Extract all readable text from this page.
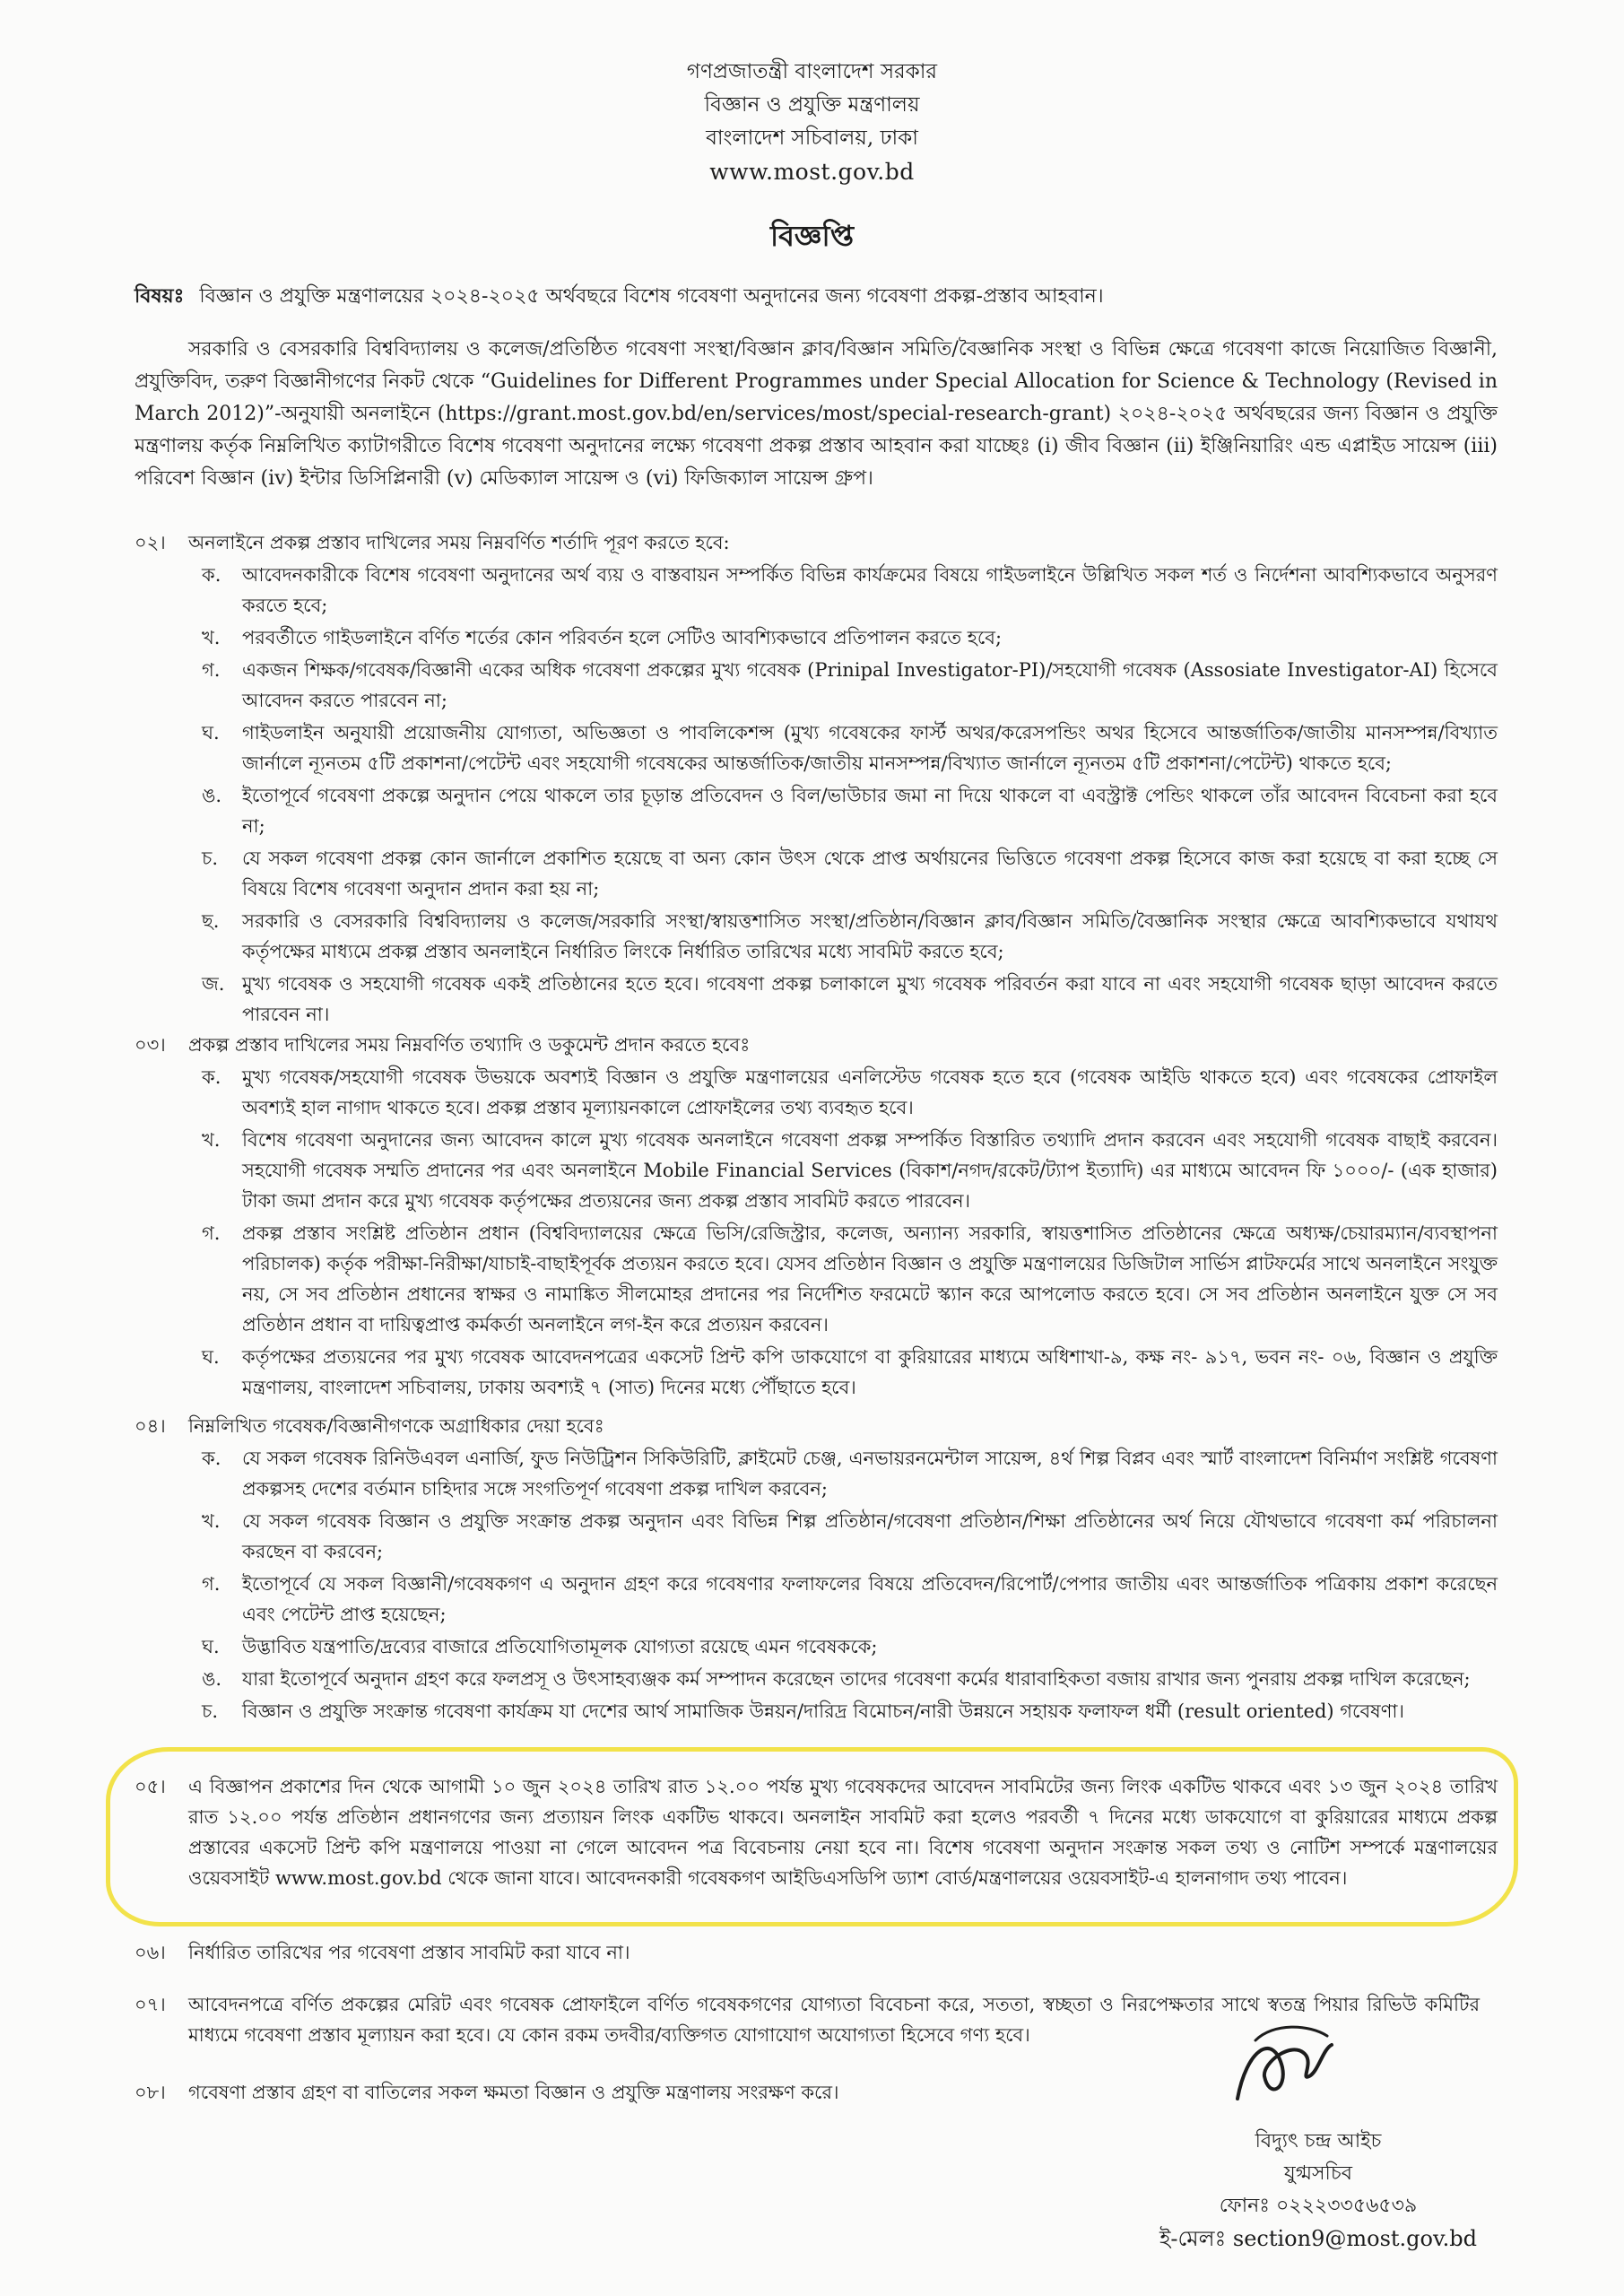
গণপ্রজাতন্ত্রী বাংলাদেশ সরকার
বিজ্ঞান ও প্রযুক্তি মন্ত্রণালয়
বাংলাদেশ সচিবালয়, ঢাকা
www.most.gov.bd
বিজ্ঞপ্তি
বিষয়ঃ বিজ্ঞান ও প্রযুক্তি মন্ত্রণালয়ের ২০২৪-২০২৫ অর্থবছরে বিশেষ গবেষণা অনুদানের জন্য গবেষণা প্রকল্প-প্রস্তাব আহবান।
সরকারি ও বেসরকারি বিশ্ববিদ্যালয় ও কলেজ/প্রতিষ্ঠিত গবেষণা সংস্থা/বিজ্ঞান ক্লাব/বিজ্ঞান সমিতি/বৈজ্ঞানিক সংস্থা ও বিভিন্ন ক্ষেত্রে গবেষণা কাজে নিয়োজিত বিজ্ঞানী, প্রযুক্তিবিদ, তরুণ বিজ্ঞানীগণের নিকট থেকে “Guidelines for Different Programmes under Special Allocation for Science & Technology (Revised in March 2012)”-অনুযায়ী অনলাইনে (https://grant.most.gov.bd/en/services/most/special-research-grant) ২০২৪-২০২৫ অর্থবছরের জন্য বিজ্ঞান ও প্রযুক্তি মন্ত্রণালয় কর্তৃক নিম্নলিখিত ক্যাটাগরীতে বিশেষ গবেষণা অনুদানের লক্ষ্যে গবেষণা প্রকল্প প্রস্তাব আহবান করা যাচ্ছেঃ (i) জীব বিজ্ঞান (ii) ইঞ্জিনিয়ারিং এন্ড এপ্লাইড সায়েন্স (iii) পরিবেশ বিজ্ঞান (iv) ইন্টার ডিসিপ্লিনারী (v) মেডিক্যাল সায়েন্স ও (vi) ফিজিক্যাল সায়েন্স গ্রুপ।
০২।	অনলাইনে প্রকল্প প্রস্তাব দাখিলের সময় নিম্নবর্ণিত শর্তাদি পূরণ করতে হবে:
ক.	আবেদনকারীকে বিশেষ গবেষণা অনুদানের অর্থ ব্যয় ও বাস্তবায়ন সম্পর্কিত বিভিন্ন কার্যক্রমের বিষয়ে গাইডলাইনে উল্লিখিত সকল শর্ত ও নির্দেশনা আবশ্যিকভাবে অনুসরণ করতে হবে;
খ.	পরবর্তীতে গাইডলাইনে বর্ণিত শর্তের কোন পরিবর্তন হলে সেটিও আবশ্যিকভাবে প্রতিপালন করতে হবে;
গ.	একজন শিক্ষক/গবেষক/বিজ্ঞানী একের অধিক গবেষণা প্রকল্পের মুখ্য গবেষক (Prinipal Investigator-PI)/সহযোগী গবেষক (Assosiate Investigator-AI) হিসেবে আবেদন করতে পারবেন না;
ঘ.	গাইডলাইন অনুযায়ী প্রয়োজনীয় যোগ্যতা, অভিজ্ঞতা ও পাবলিকেশন্স (মুখ্য গবেষকের ফার্স্ট অথর/করেসপন্ডিং অথর হিসেবে আন্তর্জাতিক/জাতীয় মানসম্পন্ন/বিখ্যাত জার্নালে ন্যূনতম ৫টি প্রকাশনা/পেটেন্ট এবং সহযোগী গবেষকের আন্তর্জাতিক/জাতীয় মানসম্পন্ন/বিখ্যাত জার্নালে ন্যূনতম ৫টি প্রকাশনা/পেটেন্ট) থাকতে হবে;
ঙ.	ইতোপূর্বে গবেষণা প্রকল্পে অনুদান পেয়ে থাকলে তার চূড়ান্ত প্রতিবেদন ও বিল/ভাউচার জমা না দিয়ে থাকলে বা এবস্ট্রাক্ট পেন্ডিং থাকলে তাঁর আবেদন বিবেচনা করা হবে না;
চ.	যে সকল গবেষণা প্রকল্প কোন জার্নালে প্রকাশিত হয়েছে বা অন্য কোন উৎস থেকে প্রাপ্ত অর্থায়নের ভিত্তিতে গবেষণা প্রকল্প হিসেবে কাজ করা হয়েছে বা করা হচ্ছে সে বিষয়ে বিশেষ গবেষণা অনুদান প্রদান করা হয় না;
ছ.	সরকারি ও বেসরকারি বিশ্ববিদ্যালয় ও কলেজ/সরকারি সংস্থা/স্বায়ত্তশাসিত সংস্থা/প্রতিষ্ঠান/বিজ্ঞান ক্লাব/বিজ্ঞান সমিতি/বৈজ্ঞানিক সংস্থার ক্ষেত্রে আবশ্যিকভাবে যথাযথ কর্তৃপক্ষের মাধ্যমে প্রকল্প প্রস্তাব অনলাইনে নির্ধারিত লিংকে নির্ধারিত তারিখের মধ্যে সাবমিট করতে হবে;
জ. মুখ্য গবেষক ও সহযোগী গবেষক একই প্রতিষ্ঠানের হতে হবে। গবেষণা প্রকল্প চলাকালে মুখ্য গবেষক পরিবর্তন করা যাবে না এবং সহযোগী গবেষক ছাড়া আবেদন করতে পারবেন না।
০৩।	প্রকল্প প্রস্তাব দাখিলের সময় নিম্নবর্ণিত তথ্যাদি ও ডকুমেন্ট প্রদান করতে হবেঃ
ক.	মুখ্য গবেষক/সহযোগী গবেষক উভয়কে অবশ্যই বিজ্ঞান ও প্রযুক্তি মন্ত্রণালয়ের এনলিস্টেড গবেষক হতে হবে (গবেষক আইডি থাকতে হবে) এবং গবেষকের প্রোফাইল অবশ্যই হাল নাগাদ থাকতে হবে। প্রকল্প প্রস্তাব মূল্যায়নকালে প্রোফাইলের তথ্য ব্যবহৃত হবে।
খ.	বিশেষ গবেষণা অনুদানের জন্য আবেদন কালে মুখ্য গবেষক অনলাইনে গবেষণা প্রকল্প সম্পর্কিত বিস্তারিত তথ্যাদি প্রদান করবেন এবং সহযোগী গবেষক বাছাই করবেন। সহযোগী গবেষক সম্মতি প্রদানের পর এবং অনলাইনে Mobile Financial Services (বিকাশ/নগদ/রকেট/ট্যাপ ইত্যাদি) এর মাধ্যমে আবেদন ফি ১০০০/- (এক হাজার) টাকা জমা প্রদান করে মুখ্য গবেষক কর্তৃপক্ষের প্রত্যয়নের জন্য প্রকল্প প্রস্তাব সাবমিট করতে পারবেন।
গ.	প্রকল্প প্রস্তাব সংশ্লিষ্ট প্রতিষ্ঠান প্রধান (বিশ্ববিদ্যালয়ের ক্ষেত্রে ভিসি/রেজিস্ট্রার, কলেজ, অন্যান্য সরকারি, স্বায়ত্তশাসিত প্রতিষ্ঠানের ক্ষেত্রে অধ্যক্ষ/চেয়ারম্যান/ব্যবস্থাপনা পরিচালক) কর্তৃক পরীক্ষা-নিরীক্ষা/যাচাই-বাছাইপূর্বক প্রত্যয়ন করতে হবে। যেসব প্রতিষ্ঠান বিজ্ঞান ও প্রযুক্তি মন্ত্রণালয়ের ডিজিটাল সার্ভিস প্লাটফর্মের সাথে অনলাইনে সংযুক্ত নয়, সে সব প্রতিষ্ঠান প্রধানের স্বাক্ষর ও নামাঙ্কিত সীলমোহর প্রদানের পর নির্দেশিত ফরমেটে স্ক্যান করে আপলোড করতে হবে। সে সব প্রতিষ্ঠান অনলাইনে যুক্ত সে সব প্রতিষ্ঠান প্রধান বা দায়িত্বপ্রাপ্ত কর্মকর্তা অনলাইনে লগ-ইন করে প্রত্যয়ন করবেন।
ঘ.	কর্তৃপক্ষের প্রত্যয়নের পর মুখ্য গবেষক আবেদনপত্রের একসেট প্রিন্ট কপি ডাকযোগে বা কুরিয়ারের মাধ্যমে অধিশাখা-৯, কক্ষ নং- ৯১৭, ভবন নং- ০৬, বিজ্ঞান ও প্রযুক্তি মন্ত্রণালয়, বাংলাদেশ সচিবালয়, ঢাকায় অবশ্যই ৭ (সাত) দিনের মধ্যে পৌঁছাতে হবে।
০৪।	নিম্নলিখিত গবেষক/বিজ্ঞানীগণকে অগ্রাধিকার দেয়া হবেঃ
ক.	যে সকল গবেষক রিনিউএবল এনার্জি, ফুড নিউট্রিশন সিকিউরিটি, ক্লাইমেট চেঞ্জ, এনভায়রনমেন্টাল সায়েন্স, ৪র্থ শিল্প বিপ্লব এবং স্মার্ট বাংলাদেশ বিনির্মাণ সংশ্লিষ্ট গবেষণা প্রকল্পসহ দেশের বর্তমান চাহিদার সঙ্গে সংগতিপূর্ণ গবেষণা প্রকল্প দাখিল করবেন;
খ.	যে সকল গবেষক বিজ্ঞান ও প্রযুক্তি সংক্রান্ত প্রকল্প অনুদান এবং বিভিন্ন শিল্প প্রতিষ্ঠান/গবেষণা প্রতিষ্ঠান/শিক্ষা প্রতিষ্ঠানের অর্থ নিয়ে যৌথভাবে গবেষণা কর্ম পরিচালনা করছেন বা করবেন;
গ.	ইতোপূর্বে যে সকল বিজ্ঞানী/গবেষকগণ এ অনুদান গ্রহণ করে গবেষণার ফলাফলের বিষয়ে প্রতিবেদন/রিপোর্ট/পেপার জাতীয় এবং আন্তর্জাতিক পত্রিকায় প্রকাশ করেছেন এবং পেটেন্ট প্রাপ্ত হয়েছেন;
ঘ.	উদ্ভাবিত যন্ত্রপাতি/দ্রব্যের বাজারে প্রতিযোগিতামূলক যোগ্যতা রয়েছে এমন গবেষককে;
ঙ.	যারা ইতোপূর্বে অনুদান গ্রহণ করে ফলপ্রসূ ও উৎসাহব্যঞ্জক কর্ম সম্পাদন করেছেন তাদের গবেষণা কর্মের ধারাবাহিকতা বজায় রাখার জন্য পুনরায় প্রকল্প দাখিল করেছেন;
চ.	বিজ্ঞান ও প্রযুক্তি সংক্রান্ত গবেষণা কার্যক্রম যা দেশের আর্থ সামাজিক উন্নয়ন/দারিদ্র বিমোচন/নারী উন্নয়নে সহায়ক ফলাফল ধর্মী (result oriented) গবেষণা।
০৫।	এ বিজ্ঞাপন প্রকাশের দিন থেকে আগামী ১০ জুন ২০২৪ তারিখ রাত ১২.০০ পর্যন্ত মুখ্য গবেষকদের আবেদন সাবমিটের জন্য লিংক একটিভ থাকবে এবং ১৩ জুন ২০২৪ তারিখ রাত ১২.০০ পর্যন্ত প্রতিষ্ঠান প্রধানগণের জন্য প্রত্যায়ন লিংক একটিভ থাকবে। অনলাইন সাবমিট করা হলেও পরবর্তী ৭ দিনের মধ্যে ডাকযোগে বা কুরিয়ারের মাধ্যমে প্রকল্প প্রস্তাবের একসেট প্রিন্ট কপি মন্ত্রণালয়ে পাওয়া না গেলে আবেদন পত্র বিবেচনায় নেয়া হবে না। বিশেষ গবেষণা অনুদান সংক্রান্ত সকল তথ্য ও নোটিশ সম্পর্কে মন্ত্রণালয়ের ওয়েবসাইট www.most.gov.bd থেকে জানা যাবে। আবেদনকারী গবেষকগণ আইডিএসডিপি ড্যাশ বোর্ড/মন্ত্রণালয়ের ওয়েবসাইট-এ হালনাগাদ তথ্য পাবেন।
০৬।	নির্ধারিত তারিখের পর গবেষণা প্রস্তাব সাবমিট করা যাবে না।
০৭।	আবেদনপত্রে বর্ণিত প্রকল্পের মেরিট এবং গবেষক প্রোফাইলে বর্ণিত গবেষকগণের যোগ্যতা বিবেচনা করে, সততা, স্বচ্ছতা ও নিরপেক্ষতার সাথে স্বতন্ত্র পিয়ার রিভিউ কমিটির মাধ্যমে গবেষণা প্রস্তাব মূল্যায়ন করা হবে। যে কোন রকম তদবীর/ব্যক্তিগত যোগাযোগ অযোগ্যতা হিসেবে গণ্য হবে।
০৮।	গবেষণা প্রস্তাব গ্রহণ বা বাতিলের সকল ক্ষমতা বিজ্ঞান ও প্রযুক্তি মন্ত্রণালয় সংরক্ষণ করে।
বিদ্যুৎ চন্দ্র আইচ
যুগ্মসচিব
ফোনঃ ০২২২৩৩৫৬৫৩৯
ই-মেলঃ section9@most.gov.bd
